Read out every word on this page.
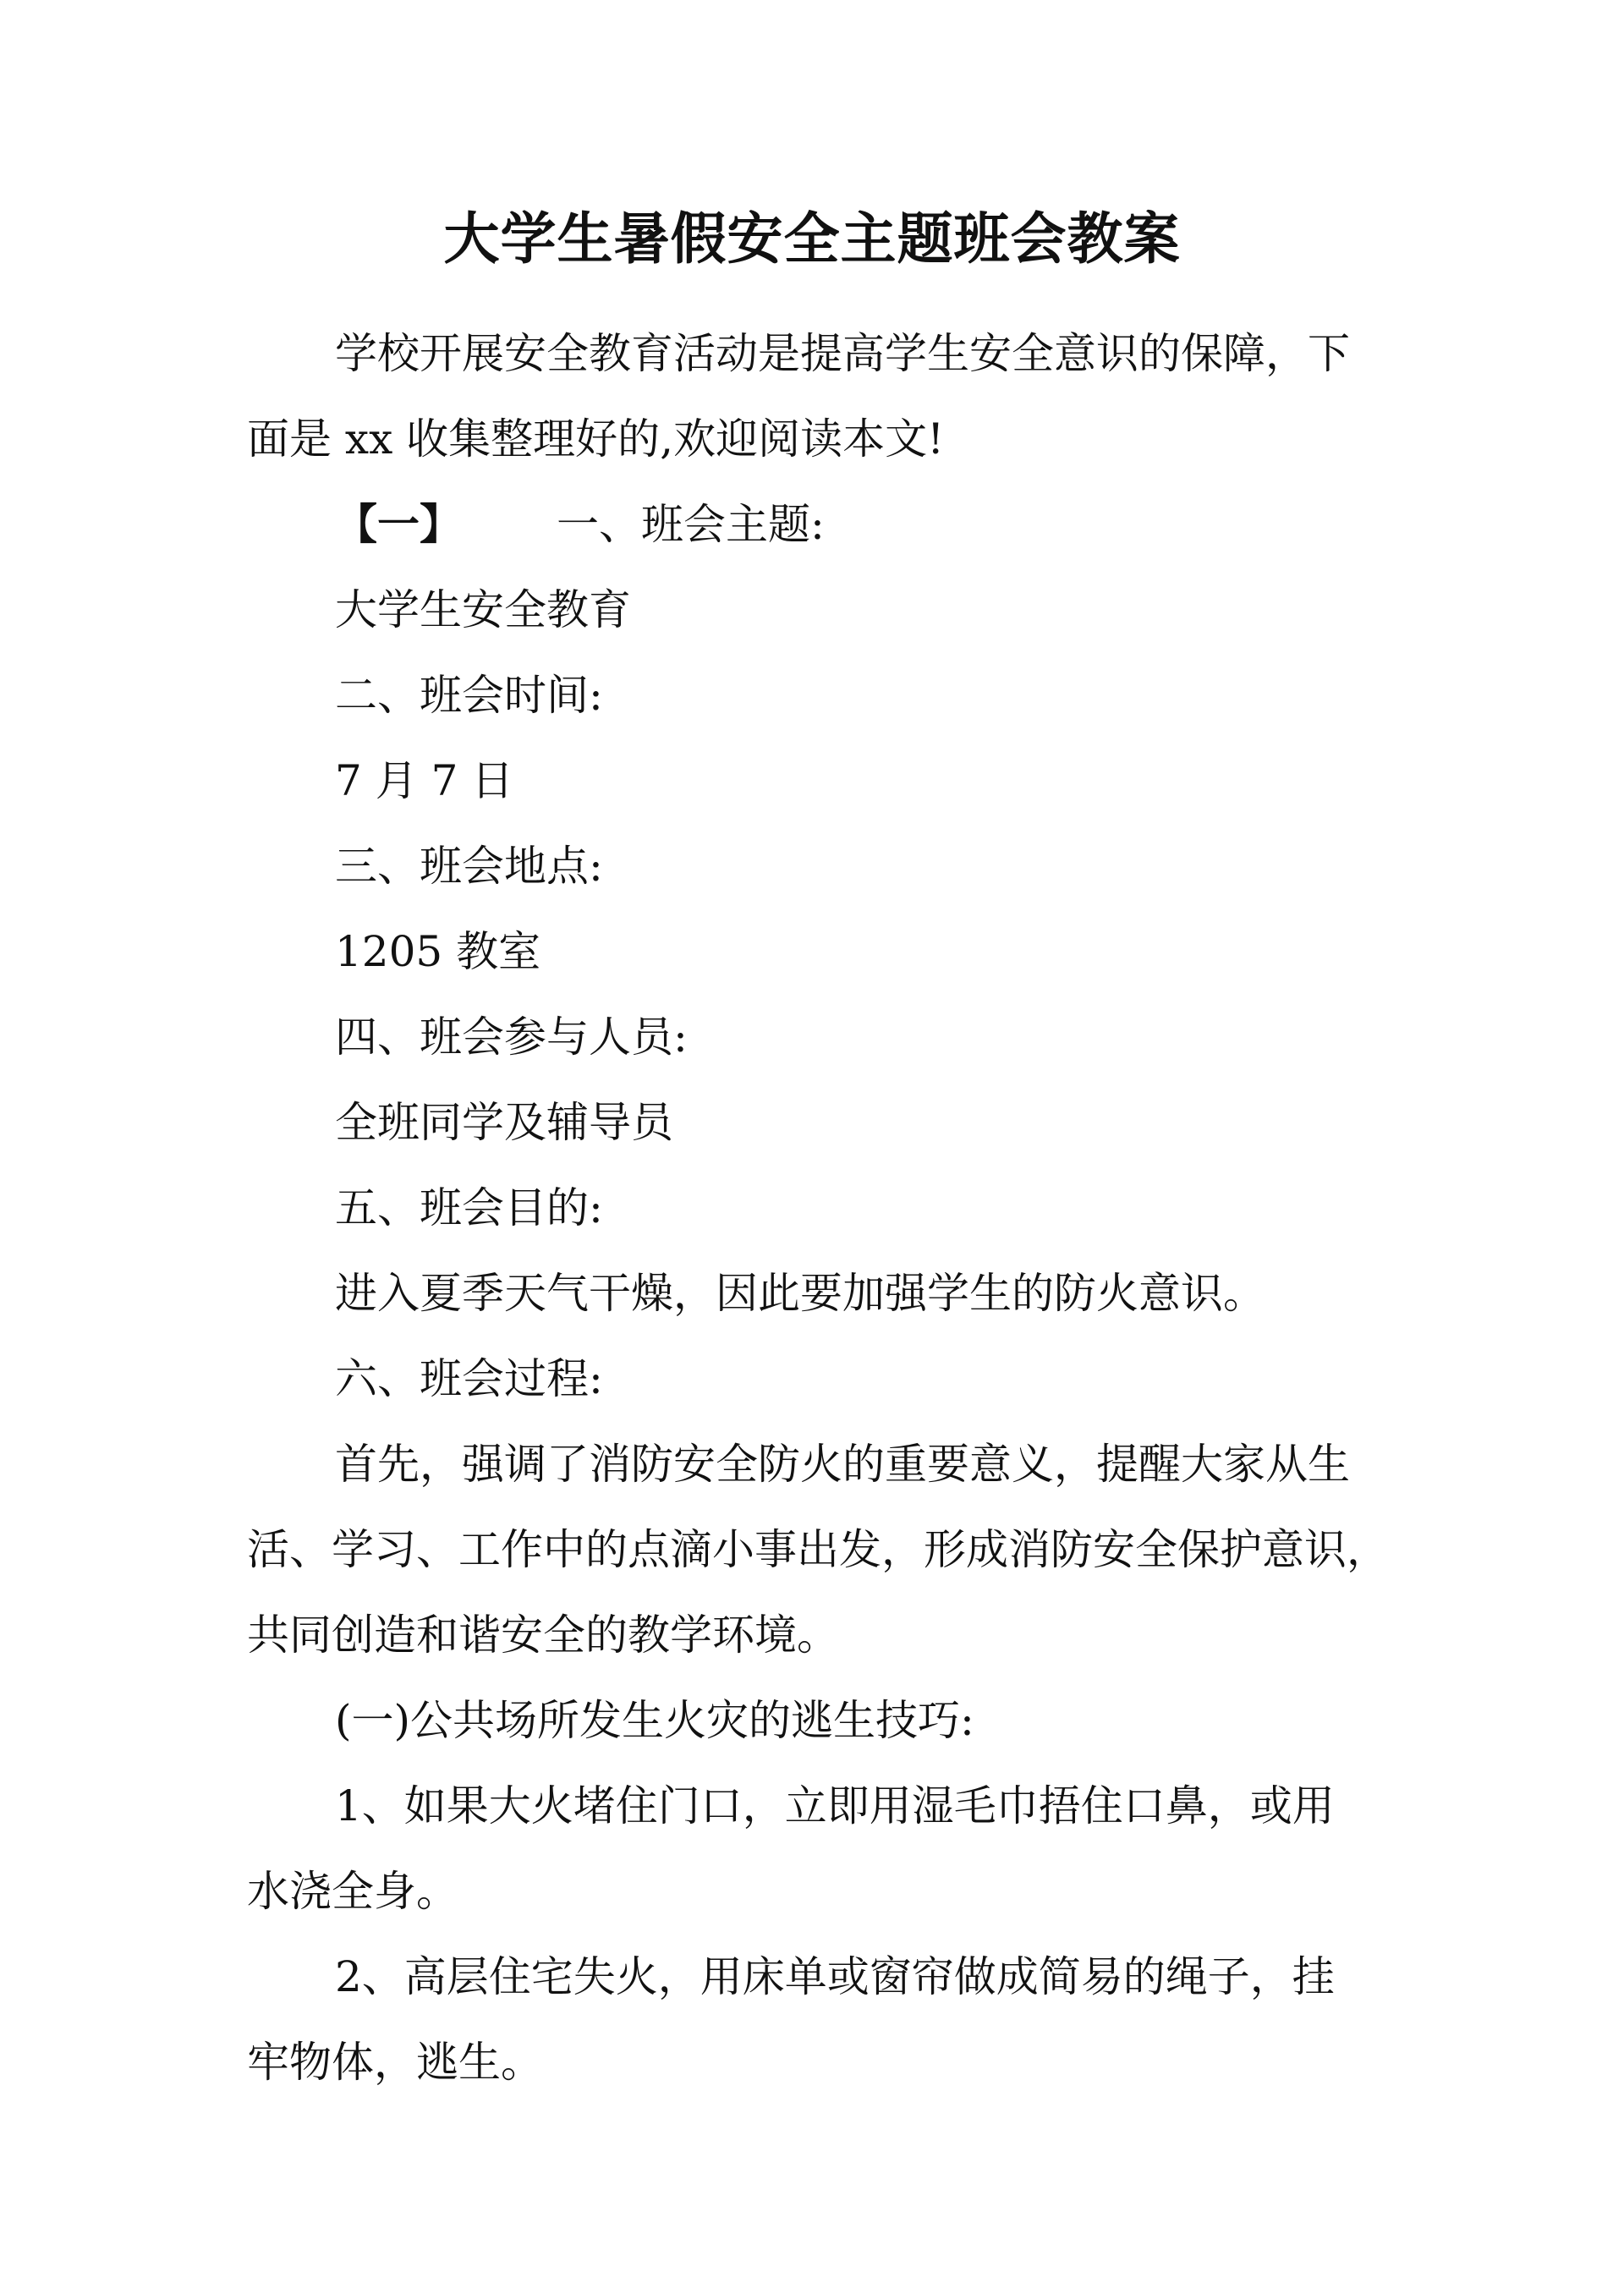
大学生暑假安全主题班会教案

学校开展安全教育活动是提高学生安全意识的保障，下

面是 xx 收集整理好的,欢迎阅读本文!

【一】 一、班会主题:

大学生安全教育

二、班会时间:

7 月 7 日

三、班会地点:

1205 教室

四、班会参与人员:

全班同学及辅导员

五、班会目的:

进入夏季天气干燥，因此要加强学生的防火意识。

六、班会过程:

首先，强调了消防安全防火的重要意义，提醒大家从生

活、学习、工作中的点滴小事出发，形成消防安全保护意识，

共同创造和谐安全的教学环境。

(一)公共场所发生火灾的逃生技巧:

1、如果大火堵住门口，立即用湿毛巾捂住口鼻，或用

水浇全身。

2、高层住宅失火，用床单或窗帘做成简易的绳子，挂

牢物体，逃生。
